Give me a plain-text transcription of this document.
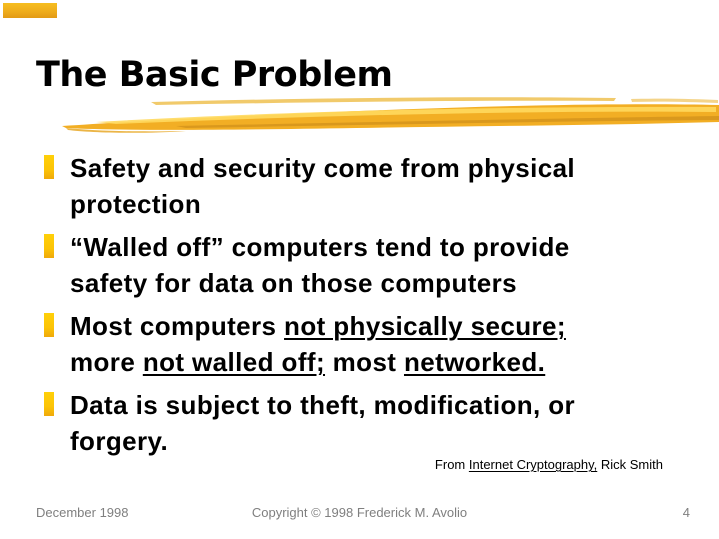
The Basic Problem
Safety and security come from physical
protection
“Walled off” computers tend to provide
safety for data on those computers
Most computers not physically secure;
more not walled off; most networked.
Data is subject to theft, modification, or
forgery.
From Internet Cryptography, Rick Smith
December 1998	Copyright © 1998 Frederick M. Avolio	4
